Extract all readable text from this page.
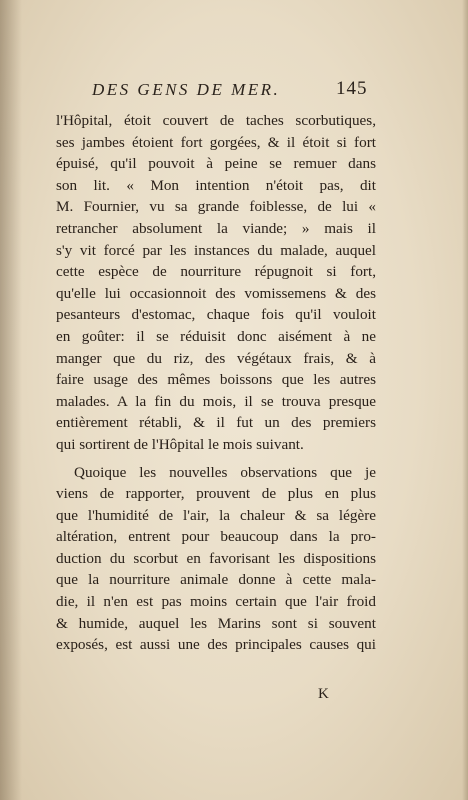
DES GENS DE MER.	145
l'Hôpital, étoit couvert de taches scorbutiques,
ses jambes étoient fort gorgées, & il étoit si fort
épuisé, qu'il pouvoit à peine se remuer dans
son lit. « Mon intention n'étoit pas, dit
M. Fournier, vu sa grande foiblesse, de lui «
retrancher absolument la viande; » mais il
s'y vit forcé par les instances du malade, auquel
cette espèce de nourriture répugnoit si fort,
qu'elle lui occasionnoit des vomissemens & des
pesanteurs d'estomac, chaque fois qu'il vouloit
en goûter: il se réduisit donc aisément à ne
manger que du riz, des végétaux frais, & à
faire usage des mêmes boissons que les autres
malades. A la fin du mois, il se trouva presque
entièrement rétabli, & il fut un des premiers
qui sortirent de l'Hôpital le mois suivant.
Quoique les nouvelles observations que je
viens de rapporter, prouvent de plus en plus
que l'humidité de l'air, la chaleur & sa légère
altération, entrent pour beaucoup dans la pro-
duction du scorbut en favorisant les dispositions
que la nourriture animale donne à cette mala-
die, il n'en est pas moins certain que l'air froid
& humide, auquel les Marins sont si souvent
exposés, est aussi une des principales causes qui
K
